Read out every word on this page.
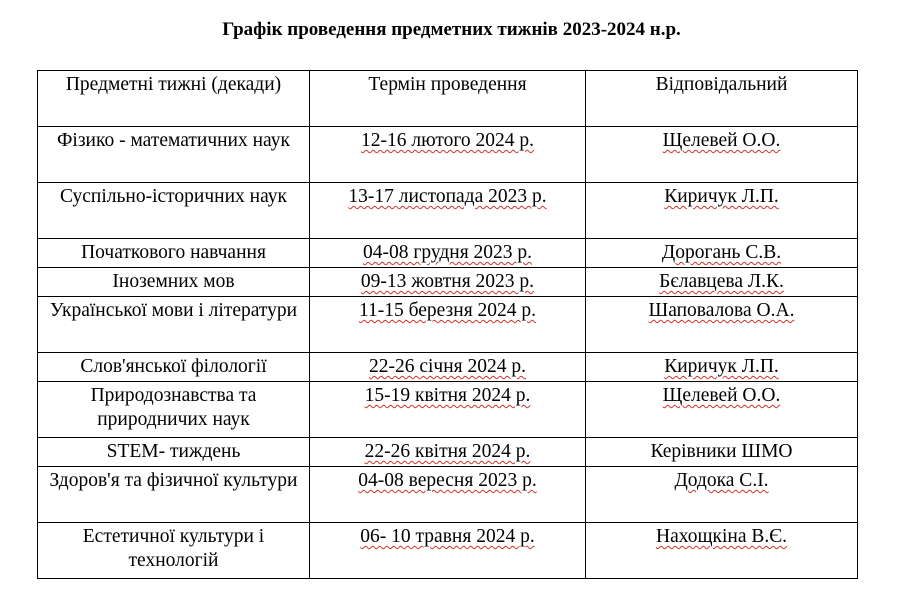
Графік проведення предметних тижнів 2023-2024 н.р.
Предметні тижні (декади)	Термін проведення	Відповідальний
Фізико - математичних наук	12-16 лютого 2024 р.	Щелевей О.О.
Суспільно-історичних наук	13-17 листопада 2023 р.	Киричук Л.П.
Початкового навчання	04-08 грудня 2023 р.	Дорогань С.В.
Іноземних мов	09-13 жовтня 2023 р.	Бєлавцева Л.К.
Української мови і літератури	11-15 березня 2024 р.	Шаповалова О.А.
Слов'янської філології	22-26 січня 2024 р.	Киричук Л.П.
Природознавства та природничих наук	15-19 квітня 2024 р.	Щелевей О.О.
STEM- тиждень	22-26 квітня 2024 р.	Керівники ШМО
Здоров'я та фізичної культури	04-08 вересня 2023 р.	Додока С.І.
Естетичної культури і технологій	06- 10 травня 2024 р.	Нахощкіна В.Є.
